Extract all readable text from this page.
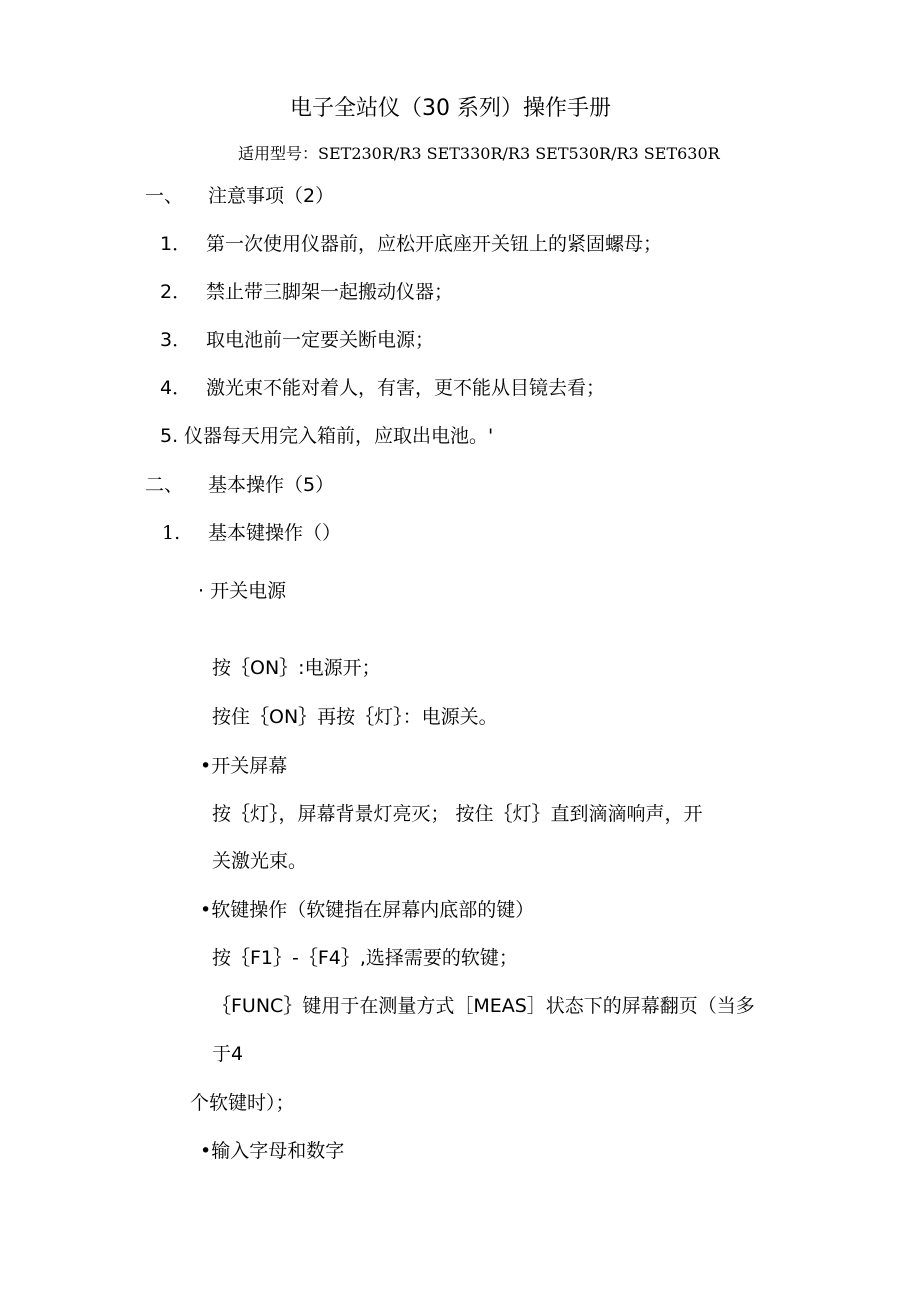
电子全站仪（30 系列）操作手册
适用型号：SET230R/R3 SET330R/R3 SET530R/R3 SET630R
一、 注意事项（2）
1． 第一次使用仪器前，应松开底座开关钮上的紧固螺母；
2． 禁止带三脚架一起搬动仪器；
3． 取电池前一定要关断电源；
4． 激光束不能对着人，有害，更不能从目镜去看；
5. 仪器每天用完入箱前，应取出电池。'
二、 基本操作（5）
1. 基本键操作（）
· 开关电源
按｛ON｝:电源开；
按住｛ON｝再按｛灯｝：电源关。
•开关屏幕
按｛灯｝，屏幕背景灯亮灭； 按住｛灯｝直到滴滴响声，开
关激光束。
•软键操作（软键指在屏幕内底部的键）
按｛F1｝-｛F4｝,选择需要的软键；
｛FUNC｝键用于在测量方式［MEAS］状态下的屏幕翻页（当多
于4
个软键时）；
•输入字母和数字
